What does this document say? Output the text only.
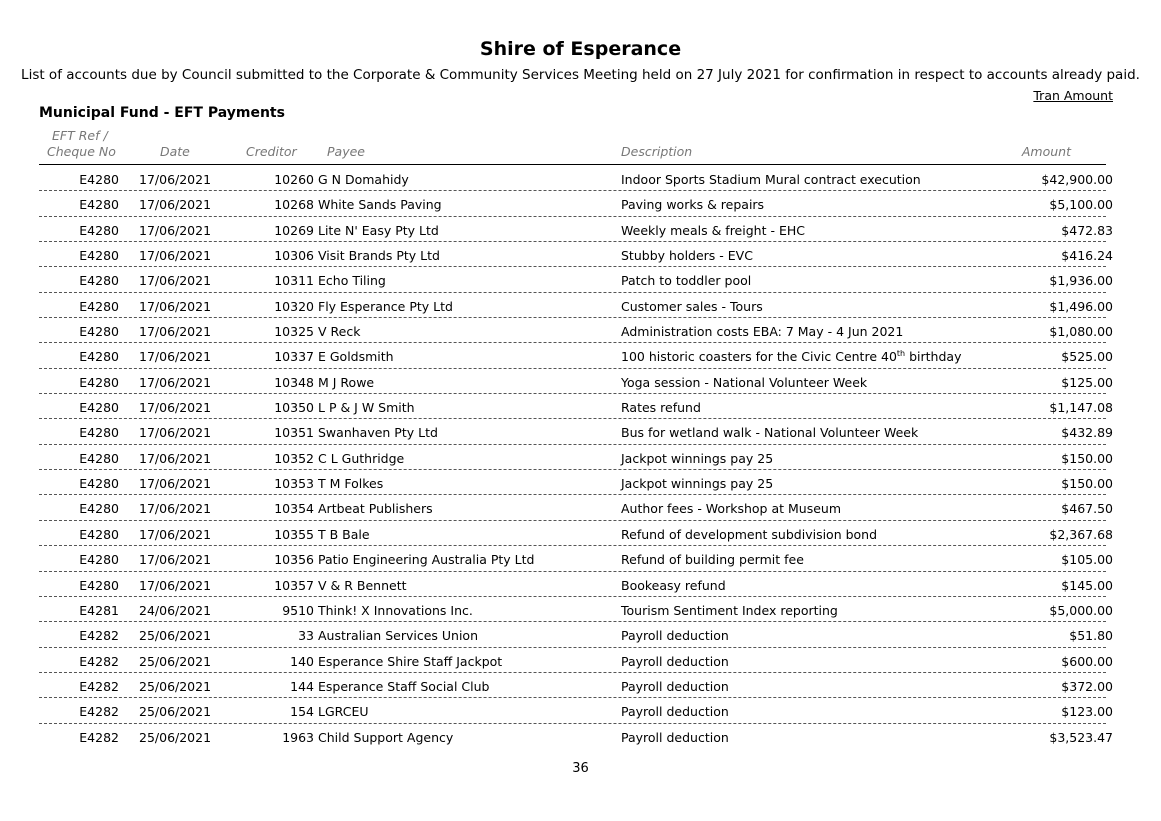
Shire of Esperance
List of accounts due by Council submitted to the Corporate & Community Services Meeting held on 27 July 2021 for confirmation in respect to accounts already paid.
Tran Amount
Municipal Fund - EFT Payments
EFT Ref /
Cheque No	Date	Creditor Payee	Description	Amount
E4280 17/06/2021	10260 G N Domahidy	Indoor Sports Stadium Mural contract execution	$42,900.00
E4280 17/06/2021	10268 White Sands Paving	Paving works & repairs	$5,100.00
E4280 17/06/2021	10269 Lite N' Easy Pty Ltd	Weekly meals & freight - EHC	$472.83
E4280 17/06/2021	10306 Visit Brands Pty Ltd	Stubby holders - EVC	$416.24
E4280 17/06/2021	10311 Echo Tiling	Patch to toddler pool	$1,936.00
E4280 17/06/2021	10320 Fly Esperance Pty Ltd	Customer sales - Tours	$1,496.00
E4280 17/06/2021	10325 V Reck	Administration costs EBA: 7 May - 4 Jun 2021	$1,080.00
E4280 17/06/2021	10337 E Goldsmith	100 historic coasters for the Civic Centre 40th birthday	$525.00
E4280 17/06/2021	10348 M J Rowe	Yoga session - National Volunteer Week	$125.00
E4280 17/06/2021	10350 L P & J W Smith	Rates refund	$1,147.08
E4280 17/06/2021	10351 Swanhaven Pty Ltd	Bus for wetland walk - National Volunteer Week	$432.89
E4280 17/06/2021	10352 C L Guthridge	Jackpot winnings pay 25	$150.00
E4280 17/06/2021	10353 T M Folkes	Jackpot winnings pay 25	$150.00
E4280 17/06/2021	10354 Artbeat Publishers	Author fees - Workshop at Museum	$467.50
E4280 17/06/2021	10355 T B Bale	Refund of development subdivision bond	$2,367.68
E4280 17/06/2021	10356 Patio Engineering Australia Pty Ltd	Refund of building permit fee	$105.00
E4280 17/06/2021	10357 V & R Bennett	Bookeasy refund	$145.00
E4281 24/06/2021	9510 Think! X Innovations Inc.	Tourism Sentiment Index reporting	$5,000.00
E4282 25/06/2021	33 Australian Services Union	Payroll deduction	$51.80
E4282 25/06/2021	140 Esperance Shire Staff Jackpot	Payroll deduction	$600.00
E4282 25/06/2021	144 Esperance Staff Social Club	Payroll deduction	$372.00
E4282 25/06/2021	154 LGRCEU	Payroll deduction	$123.00
E4282 25/06/2021	1963 Child Support Agency	Payroll deduction	$3,523.47
36
